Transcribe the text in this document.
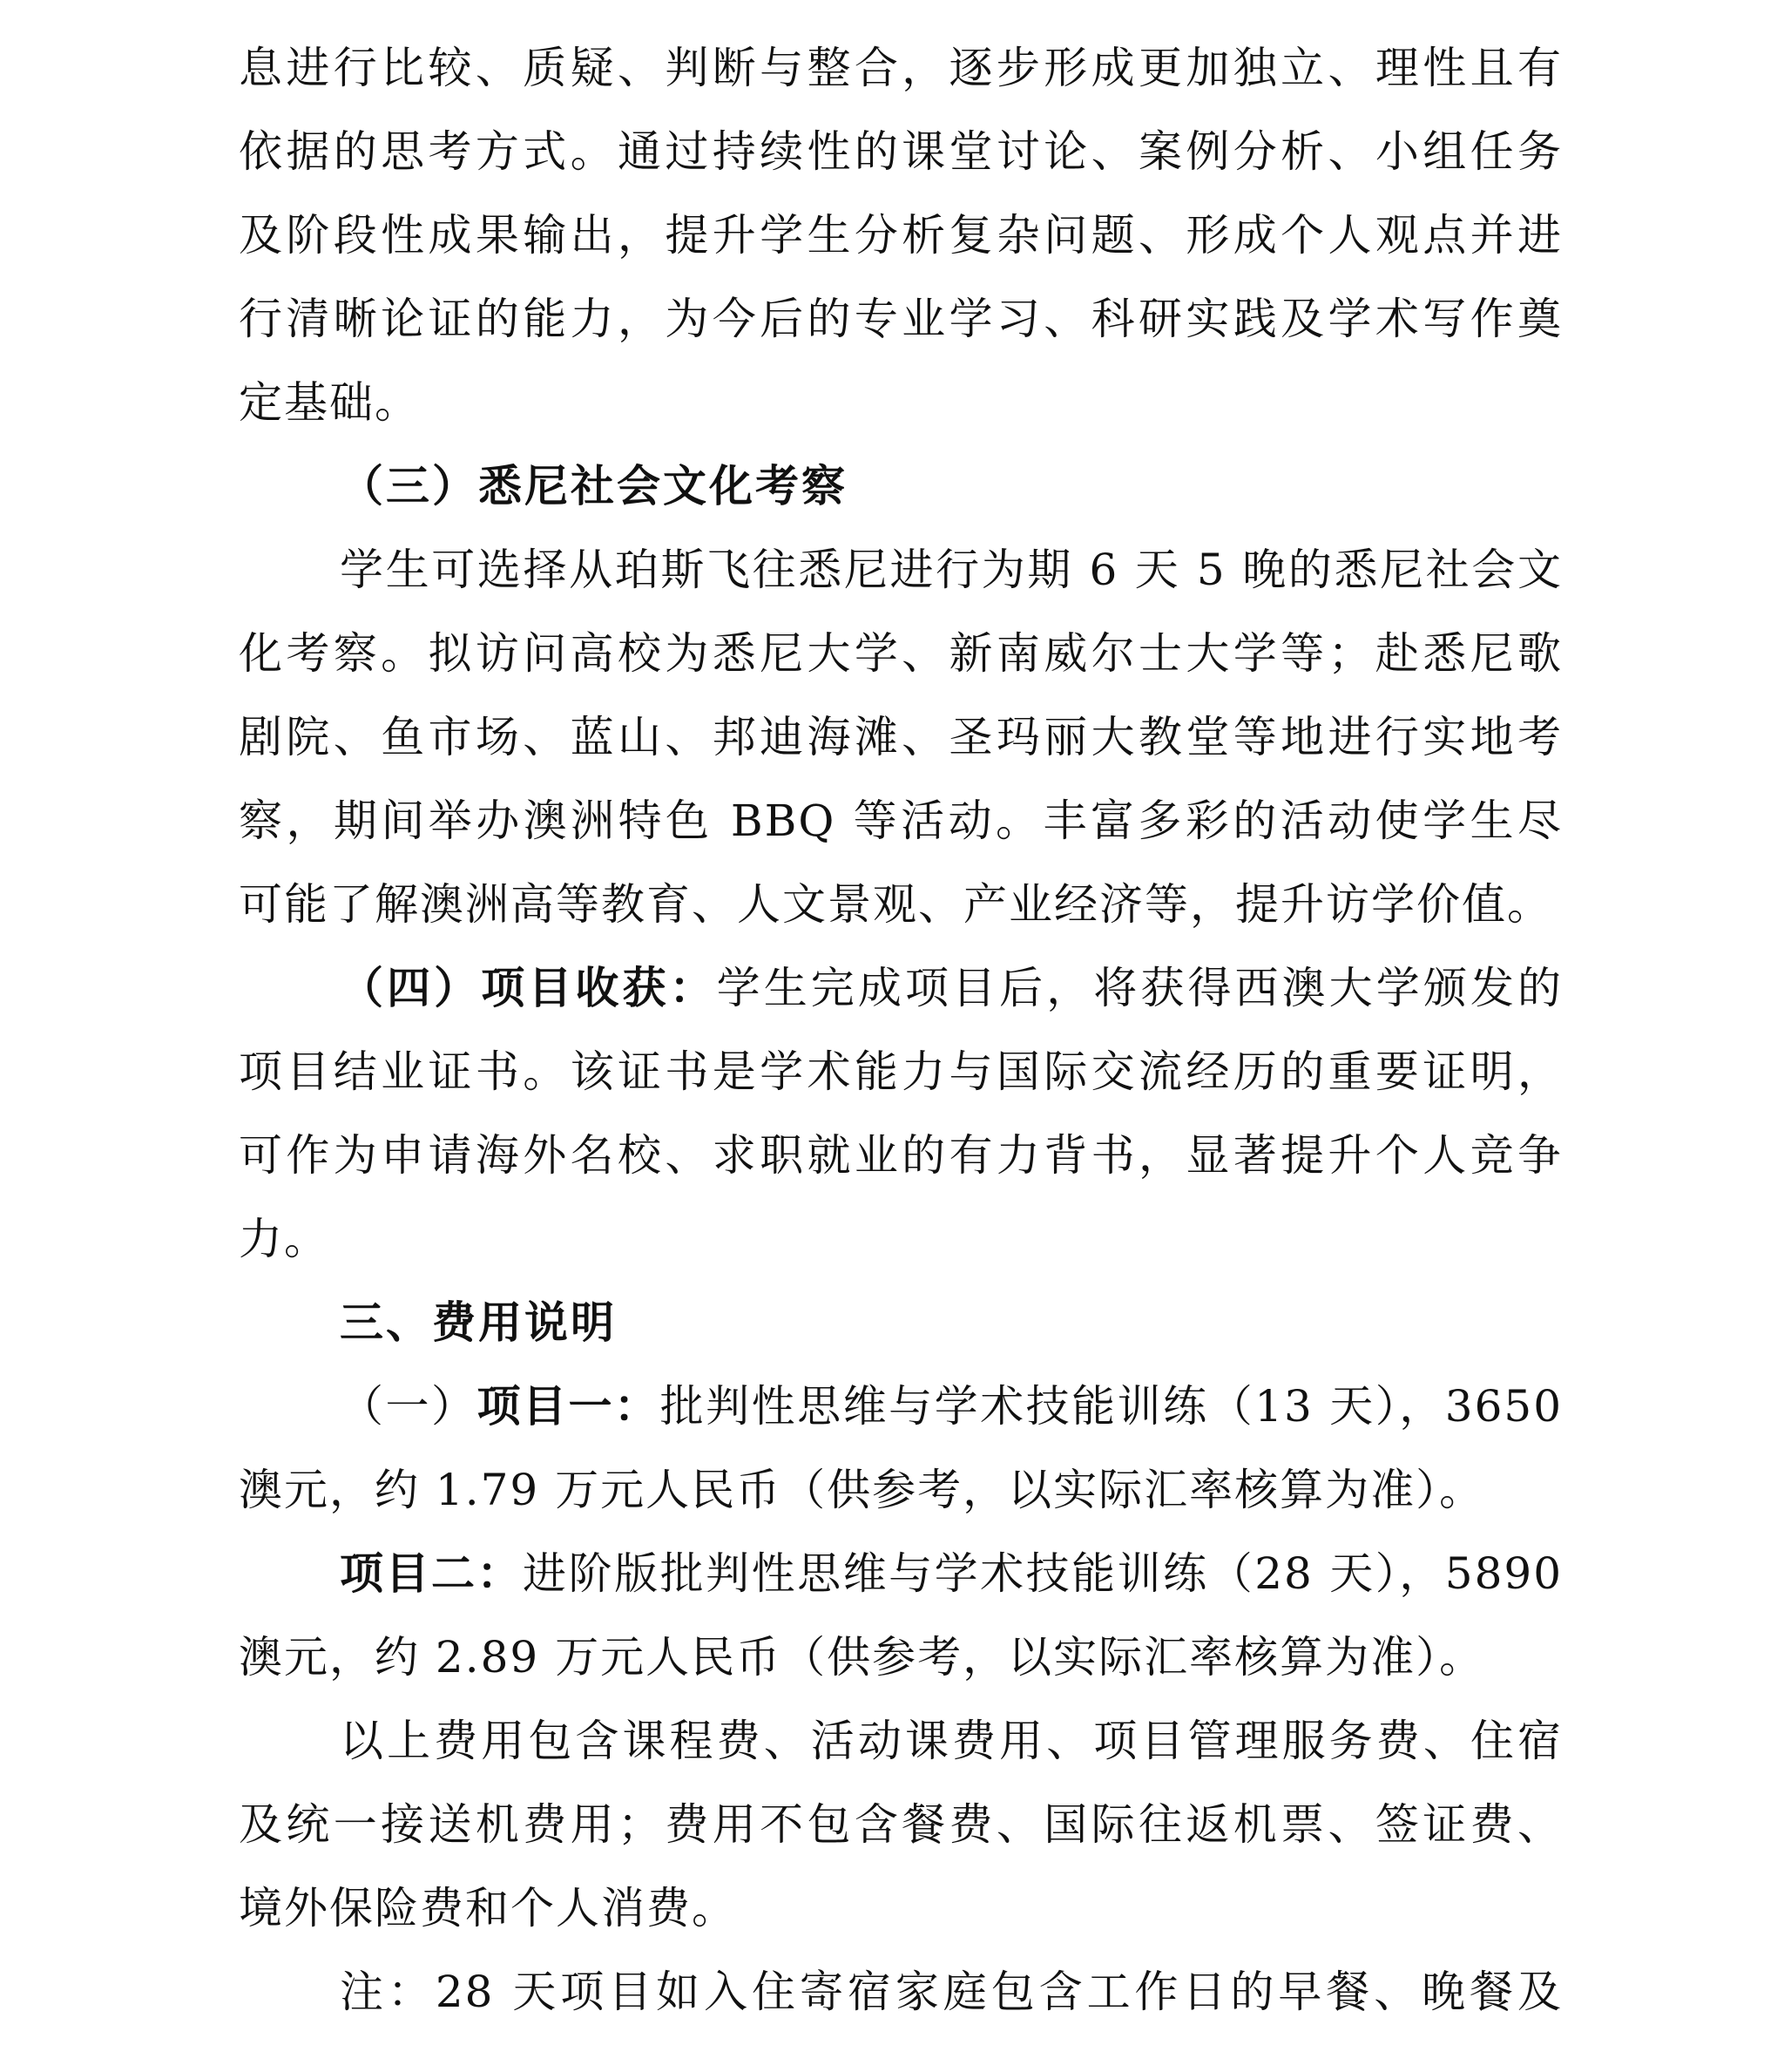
息进行比较、质疑、判断与整合，逐步形成更加独立、理性且有
依据的思考方式。通过持续性的课堂讨论、案例分析、小组任务
及阶段性成果输出，提升学生分析复杂问题、形成个人观点并进
行清晰论证的能力，为今后的专业学习、科研实践及学术写作奠
定基础。
（三）悉尼社会文化考察
学生可选择从珀斯飞往悉尼进行为期 6 天 5 晚的悉尼社会文
化考察。拟访问高校为悉尼大学、新南威尔士大学等；赴悉尼歌
剧院、鱼市场、蓝山、邦迪海滩、圣玛丽大教堂等地进行实地考
察，期间举办澳洲特色 BBQ 等活动。丰富多彩的活动使学生尽
可能了解澳洲高等教育、人文景观、产业经济等，提升访学价值。
（四）项目收获：学生完成项目后，将获得西澳大学颁发的
项目结业证书。该证书是学术能力与国际交流经历的重要证明，
可作为申请海外名校、求职就业的有力背书，显著提升个人竞争
力。
三、费用说明
（一）项目一：批判性思维与学术技能训练（13 天），3650
澳元，约 1.79 万元人民币（供参考，以实际汇率核算为准）。
项目二：进阶版批判性思维与学术技能训练（28 天），5890
澳元，约 2.89 万元人民币（供参考，以实际汇率核算为准）。
以上费用包含课程费、活动课费用、项目管理服务费、住宿
及统一接送机费用；费用不包含餐费、国际往返机票、签证费、
境外保险费和个人消费。
注：28 天项目如入住寄宿家庭包含工作日的早餐、晚餐及
